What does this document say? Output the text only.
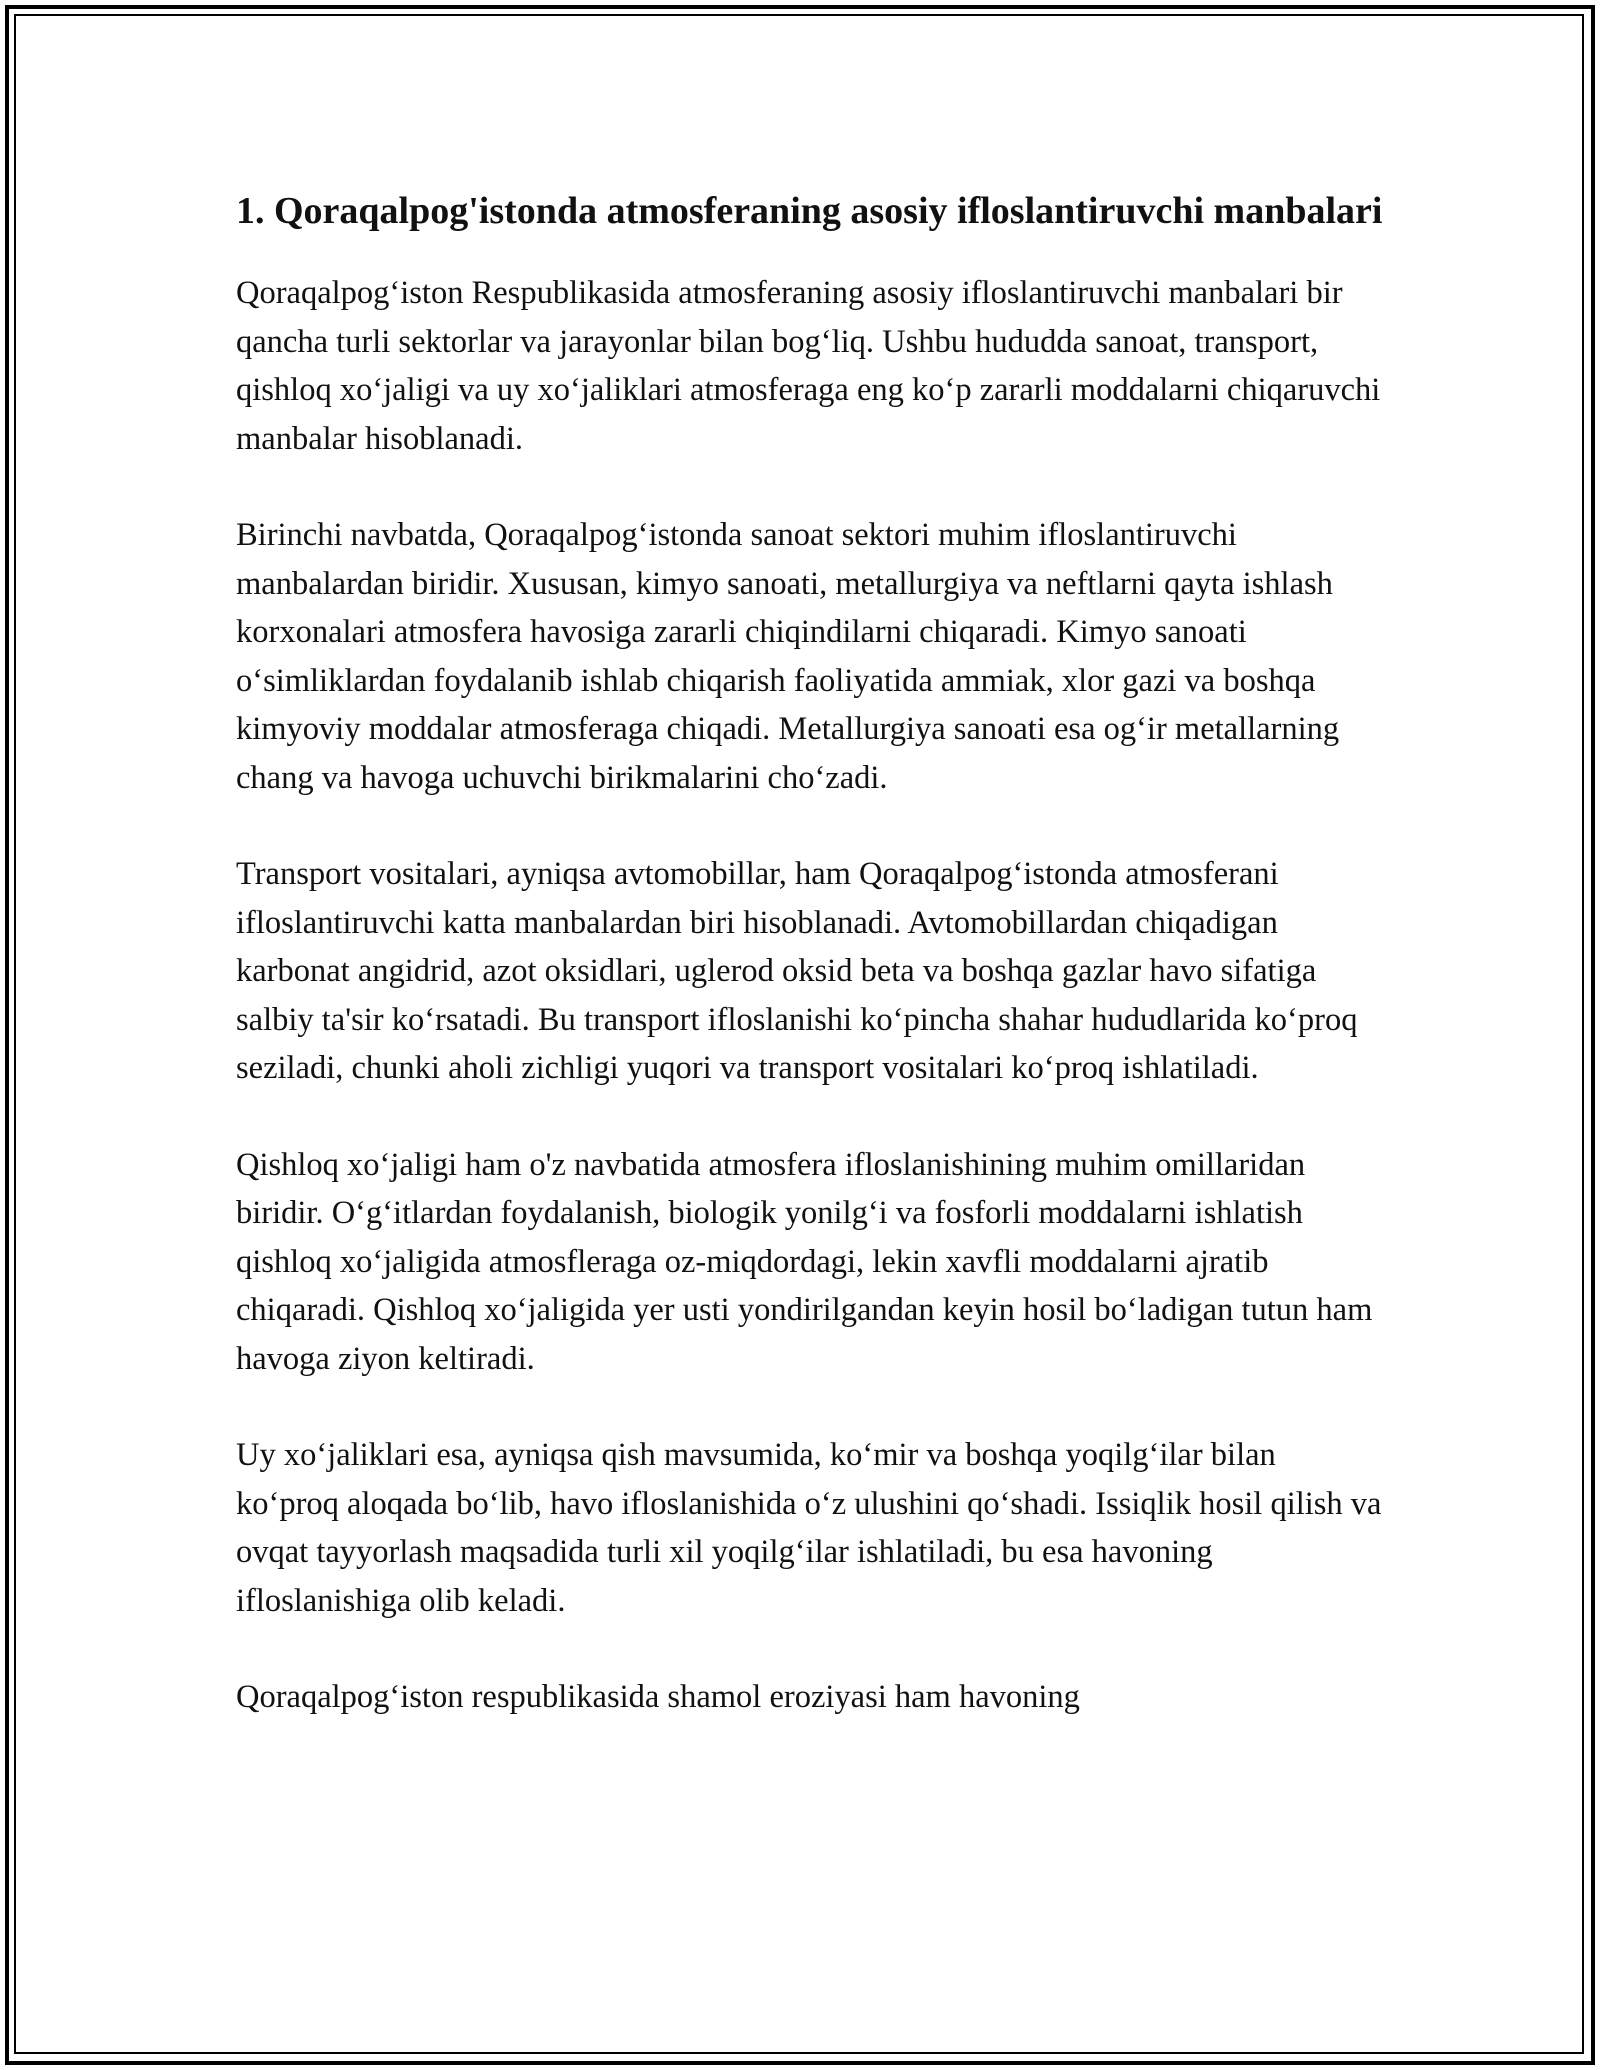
1. Qoraqalpog'istonda atmosferaning asosiy ifloslantiruvchi manbalari

Qoraqalpog‘iston Respublikasida atmosferaning asosiy ifloslantiruvchi manbalari bir qancha turli sektorlar va jarayonlar bilan bog‘liq. Ushbu hududda sanoat, transport, qishloq xo‘jaligi va uy xo‘jaliklari atmosferaga eng ko‘p zararli moddalarni chiqaruvchi manbalar hisoblanadi.

Birinchi navbatda, Qoraqalpog‘istonda sanoat sektori muhim ifloslantiruvchi manbalardan biridir. Xususan, kimyo sanoati, metallurgiya va neftlarni qayta ishlash korxonalari atmosfera havosiga zararli chiqindilarni chiqaradi. Kimyo sanoati o‘simliklardan foydalanib ishlab chiqarish faoliyatida ammiak, xlor gazi va boshqa kimyoviy moddalar atmosferaga chiqadi. Metallurgiya sanoati esa og‘ir metallarning chang va havoga uchuvchi birikmalarini cho‘zadi.

Transport vositalari, ayniqsa avtomobillar, ham Qoraqalpog‘istonda atmosferani ifloslantiruvchi katta manbalardan biri hisoblanadi. Avtomobillardan chiqadigan karbonat angidrid, azot oksidlari, uglerod oksid beta va boshqa gazlar havo sifatiga salbiy ta'sir ko‘rsatadi. Bu transport ifloslanishi ko‘pincha shahar hududlarida ko‘proq seziladi, chunki aholi zichligi yuqori va transport vositalari ko‘proq ishlatiladi.

Qishloq xo‘jaligi ham o'z navbatida atmosfera ifloslanishining muhim omillaridan biridir. O‘g‘itlardan foydalanish, biologik yonilg‘i va fosforli moddalarni ishlatish qishloq xo‘jaligida atmosfleraga oz-miqdordagi, lekin xavfli moddalarni ajratib chiqaradi. Qishloq xo‘jaligida yer usti yondirilgandan keyin hosil bo‘ladigan tutun ham havoga ziyon keltiradi.

Uy xo‘jaliklari esa, ayniqsa qish mavsumida, ko‘mir va boshqa yoqilg‘ilar bilan ko‘proq aloqada bo‘lib, havo ifloslanishida o‘z ulushini qo‘shadi. Issiqlik hosil qilish va ovqat tayyorlash maqsadida turli xil yoqilg‘ilar ishlatiladi, bu esa havoning ifloslanishiga olib keladi.

Qoraqalpog‘iston respublikasida shamol eroziyasi ham havoning
